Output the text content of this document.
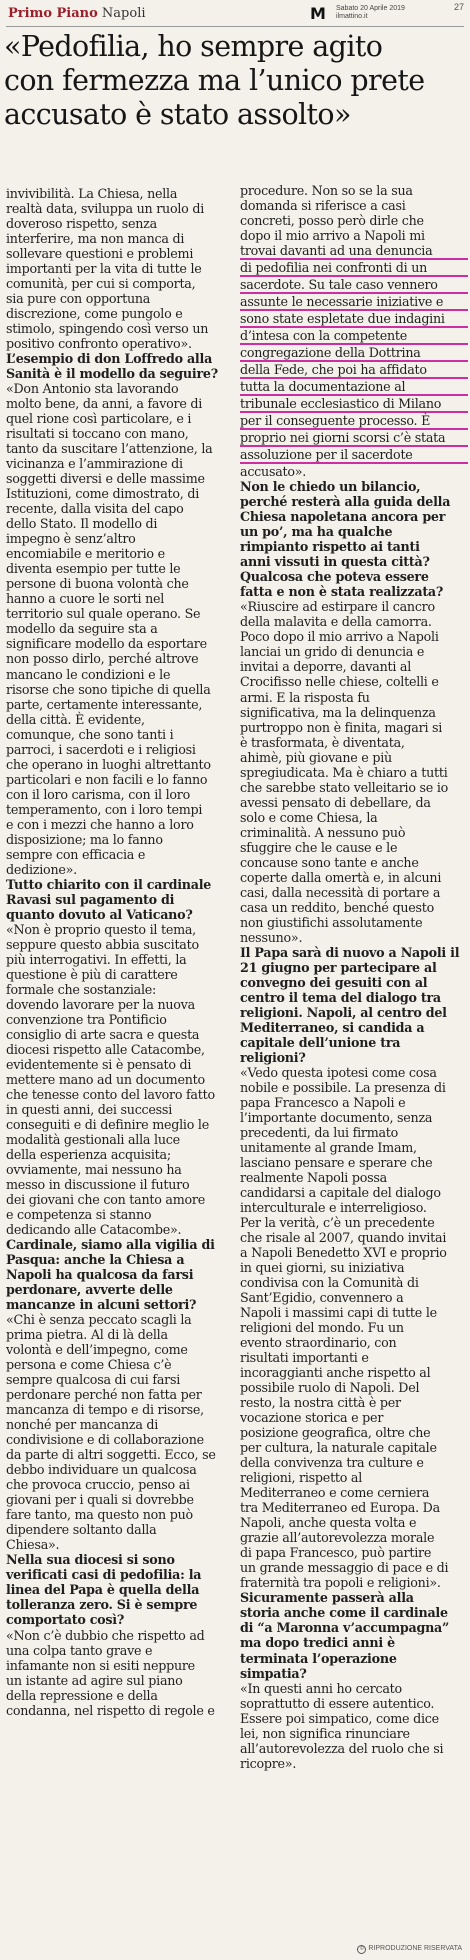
Primo Piano Napoli	M Sabato 20 Aprile 2019
ilmattino.it
27
«Pedofilia, ho sempre agito
con fermezza ma l’unico prete
accusato è stato assolto»
invivibilità. La Chiesa, nella
realtà data, sviluppa un ruolo di
doveroso rispetto, senza
interferire, ma non manca di
sollevare questioni e problemi
importanti per la vita di tutte le
comunità, per cui si comporta,
sia pure con opportuna
discrezione, come pungolo e
stimolo, spingendo così verso un
positivo confronto operativo».
L’esempio di don Loffredo alla
Sanità è il modello da seguire?
«Don Antonio sta lavorando
molto bene, da anni, a favore di
quel rione così particolare, e i
risultati si toccano con mano,
tanto da suscitare l’attenzione, la
vicinanza e l’ammirazione di
soggetti diversi e delle massime
Istituzioni, come dimostrato, di
recente, dalla visita del capo
dello Stato. Il modello di
impegno è senz’altro
encomiabile e meritorio e
diventa esempio per tutte le
persone di buona volontà che
hanno a cuore le sorti nel
territorio sul quale operano. Se
modello da seguire sta a
significare modello da esportare
non posso dirlo, perché altrove
mancano le condizioni e le
risorse che sono tipiche di quella
parte, certamente interessante,
della città. È evidente,
comunque, che sono tanti i
parroci, i sacerdoti e i religiosi
che operano in luoghi altrettanto
particolari e non facili e lo fanno
con il loro carisma, con il loro
temperamento, con i loro tempi
e con i mezzi che hanno a loro
disposizione; ma lo fanno
sempre con efficacia e
dedizione».
Tutto chiarito con il cardinale
Ravasi sul pagamento di
quanto dovuto al Vaticano?
«Non è proprio questo il tema,
seppure questo abbia suscitato
più interrogativi. In effetti, la
questione è più di carattere
formale che sostanziale:
dovendo lavorare per la nuova
convenzione tra Pontificio
consiglio di arte sacra e questa
diocesi rispetto alle Catacombe,
evidentemente si è pensato di
mettere mano ad un documento
che tenesse conto del lavoro fatto
in questi anni, dei successi
conseguiti e di definire meglio le
modalità gestionali alla luce
della esperienza acquisita;
ovviamente, mai nessuno ha
messo in discussione il futuro
dei giovani che con tanto amore
e competenza si stanno
dedicando alle Catacombe».
Cardinale, siamo alla vigilia di
Pasqua: anche la Chiesa a
Napoli ha qualcosa da farsi
perdonare, avverte delle
mancanze in alcuni settori?
«Chi è senza peccato scagli la
prima pietra. Al di là della
volontà e dell’impegno, come
persona e come Chiesa c’è
sempre qualcosa di cui farsi
perdonare perché non fatta per
mancanza di tempo e di risorse,
nonché per mancanza di
condivisione e di collaborazione
da parte di altri soggetti. Ecco, se
debbo individuare un qualcosa
che provoca cruccio, penso ai
giovani per i quali si dovrebbe
fare tanto, ma questo non può
dipendere soltanto dalla
Chiesa».
Nella sua diocesi si sono
verificati casi di pedofilia: la
linea del Papa è quella della
tolleranza zero. Si è sempre
comportato così?
«Non c’è dubbio che rispetto ad
una colpa tanto grave e
infamante non si esiti neppure
un istante ad agire sul piano
della repressione e della
condanna, nel rispetto di regole e
procedure. Non so se la sua
domanda si riferisce a casi
concreti, posso però dirle che
dopo il mio arrivo a Napoli mi
trovai davanti ad una denuncia
di pedofilia nei confronti di un
sacerdote. Su tale caso vennero
assunte le necessarie iniziative e
sono state espletate due indagini
d’intesa con la competente
congregazione della Dottrina
della Fede, che poi ha affidato
tutta la documentazione al
tribunale ecclesiastico di Milano
per il conseguente processo. È
proprio nei giorni scorsi c’è stata
assoluzione per il sacerdote
accusato».
Non le chiedo un bilancio,
perché resterà alla guida della
Chiesa napoletana ancora per
un po’, ma ha qualche
rimpianto rispetto ai tanti
anni vissuti in questa città?
Qualcosa che poteva essere
fatta e non è stata realizzata?
«Riuscire ad estirpare il cancro
della malavita e della camorra.
Poco dopo il mio arrivo a Napoli
lanciai un grido di denuncia e
invitai a deporre, davanti al
Crocifisso nelle chiese, coltelli e
armi. E la risposta fu
significativa, ma la delinquenza
purtroppo non è finita, magari si
è trasformata, è diventata,
ahimè, più giovane e più
spregiudicata. Ma è chiaro a tutti
che sarebbe stato velleitario se io
avessi pensato di debellare, da
solo e come Chiesa, la
criminalità. A nessuno può
sfuggire che le cause e le
concause sono tante e anche
coperte dalla omertà e, in alcuni
casi, dalla necessità di portare a
casa un reddito, benché questo
non giustifichi assolutamente
nessuno».
Il Papa sarà di nuovo a Napoli il
21 giugno per partecipare al
convegno dei gesuiti con al
centro il tema del dialogo tra
religioni. Napoli, al centro del
Mediterraneo, si candida a
capitale dell’unione tra
religioni?
«Vedo questa ipotesi come cosa
nobile e possibile. La presenza di
papa Francesco a Napoli e
l’importante documento, senza
precedenti, da lui firmato
unitamente al grande Imam,
lasciano pensare e sperare che
realmente Napoli possa
candidarsi a capitale del dialogo
interculturale e interreligioso.
Per la verità, c’è un precedente
che risale al 2007, quando invitai
a Napoli Benedetto XVI e proprio
in quei giorni, su iniziativa
condivisa con la Comunità di
Sant’Egidio, convennero a
Napoli i massimi capi di tutte le
religioni del mondo. Fu un
evento straordinario, con
risultati importanti e
incoraggianti anche rispetto al
possibile ruolo di Napoli. Del
resto, la nostra città è per
vocazione storica e per
posizione geografica, oltre che
per cultura, la naturale capitale
della convivenza tra culture e
religioni, rispetto al
Mediterraneo e come cerniera
tra Mediterraneo ed Europa. Da
Napoli, anche questa volta e
grazie all’autorevolezza morale
di papa Francesco, può partire
un grande messaggio di pace e di
fraternità tra popoli e religioni».
Sicuramente passerà alla
storia anche come il cardinale
di “a Maronna v’accumpagna”
ma dopo tredici anni è
terminata l’operazione
simpatia?
«In questi anni ho cercato
soprattutto di essere autentico.
Essere poi simpatico, come dice
lei, non significa rinunciare
all’autorevolezza del ruolo che si
ricopre».
© RIPRODUZIONE RISERVATA
